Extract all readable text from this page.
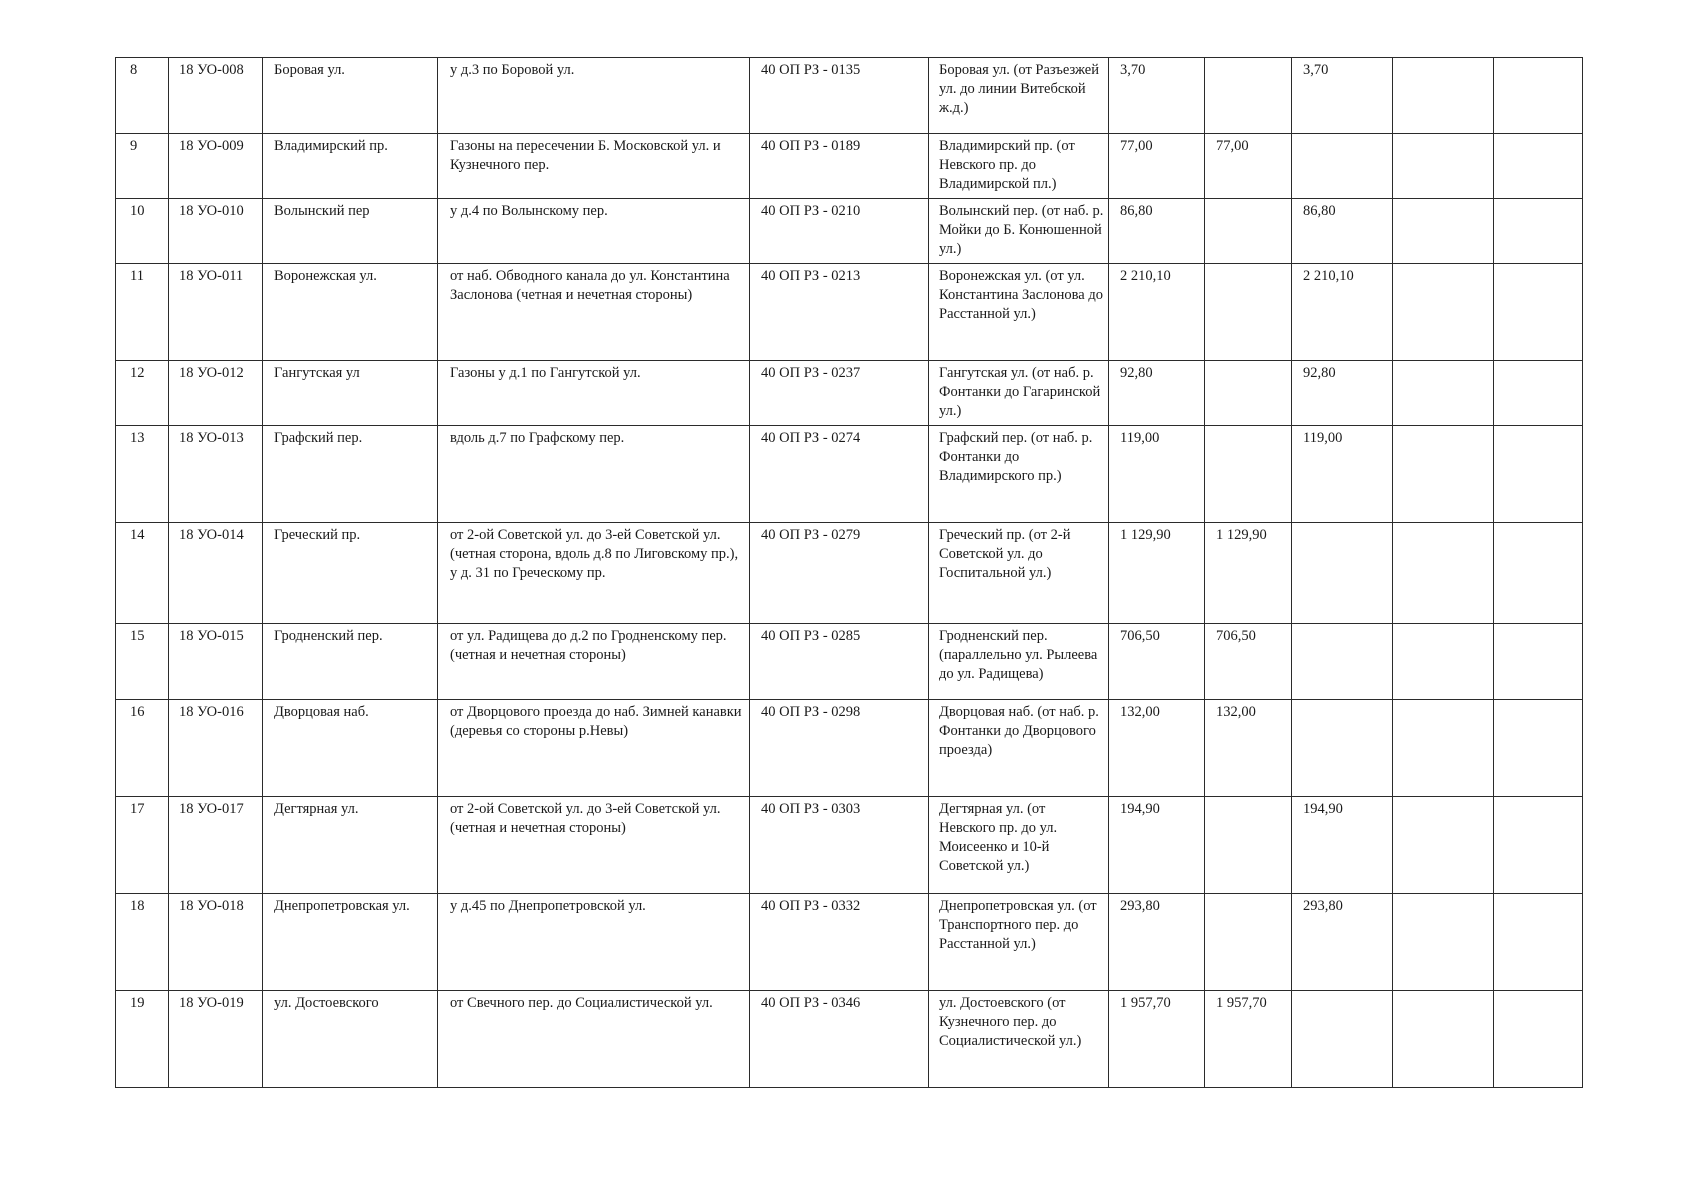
8	18 УО-008	Боровая ул.	у д.3 по Боровой ул.	40 ОП РЗ - 0135	Боровая ул. (от Разъезжей ул. до линии Витебской ж.д.)	3,70		3,70		
9	18 УО-009	Владимирский пр.	Газоны на пересечении Б. Московской ул. и Кузнечного пер.	40 ОП РЗ - 0189	Владимирский пр. (от Невского пр. до Владимирской пл.)	77,00	77,00			
10	18 УО-010	Волынский пер	у д.4 по Волынскому пер.	40 ОП РЗ - 0210	Волынский пер. (от наб. р. Мойки до Б. Конюшенной ул.)	86,80		86,80		
11	18 УО-011	Воронежская ул.	от наб. Обводного канала до ул. Константина Заслонова (четная и нечетная стороны)	40 ОП РЗ - 0213	Воронежская ул. (от ул. Константина Заслонова до Расстанной ул.)	2 210,10		2 210,10		
12	18 УО-012	Гангутская ул	Газоны у д.1 по Гангутской ул.	40 ОП РЗ - 0237	Гангутская ул. (от наб. р. Фонтанки до Гагаринской ул.)	92,80		92,80		
13	18 УО-013	Графский пер.	вдоль д.7 по Графскому пер.	40 ОП РЗ - 0274	Графский пер. (от наб. р. Фонтанки до Владимирского пр.)	119,00		119,00		
14	18 УО-014	Греческий пр.	от 2-ой Советской ул. до 3-ей Советской ул. (четная сторона, вдоль д.8 по Лиговскому пр.), у д. 31 по Греческому пр.	40 ОП РЗ - 0279	Греческий пр. (от 2-й Советской ул. до Госпитальной ул.)	1 129,90	1 129,90			
15	18 УО-015	Гродненский пер.	от ул. Радищева до д.2 по Гродненскому пер. (четная и нечетная стороны)	40 ОП РЗ - 0285	Гродненский пер. (параллельно ул. Рылеева до ул. Радищева)	706,50	706,50			
16	18 УО-016	Дворцовая наб.	от Дворцового проезда до наб. Зимней канавки (деревья со стороны р.Невы)	40 ОП РЗ - 0298	Дворцовая наб. (от наб. р. Фонтанки до Дворцового проезда)	132,00	132,00			
17	18 УО-017	Дегтярная ул.	от 2-ой Советской ул. до 3-ей Советской ул. (четная и нечетная стороны)	40 ОП РЗ - 0303	Дегтярная ул. (от Невского пр. до ул. Моисеенко и 10-й Советской ул.)	194,90		194,90		
18	18 УО-018	Днепропетровская ул.	у д.45 по Днепропетровской ул.	40 ОП РЗ - 0332	Днепропетровская ул. (от Транспортного пер. до Расстанной ул.)	293,80		293,80		
19	18 УО-019	ул. Достоевского	от Свечного пер. до Социалистической ул.	40 ОП РЗ - 0346	ул. Достоевского (от Кузнечного пер. до Социалистической ул.)	1 957,70	1 957,70			
